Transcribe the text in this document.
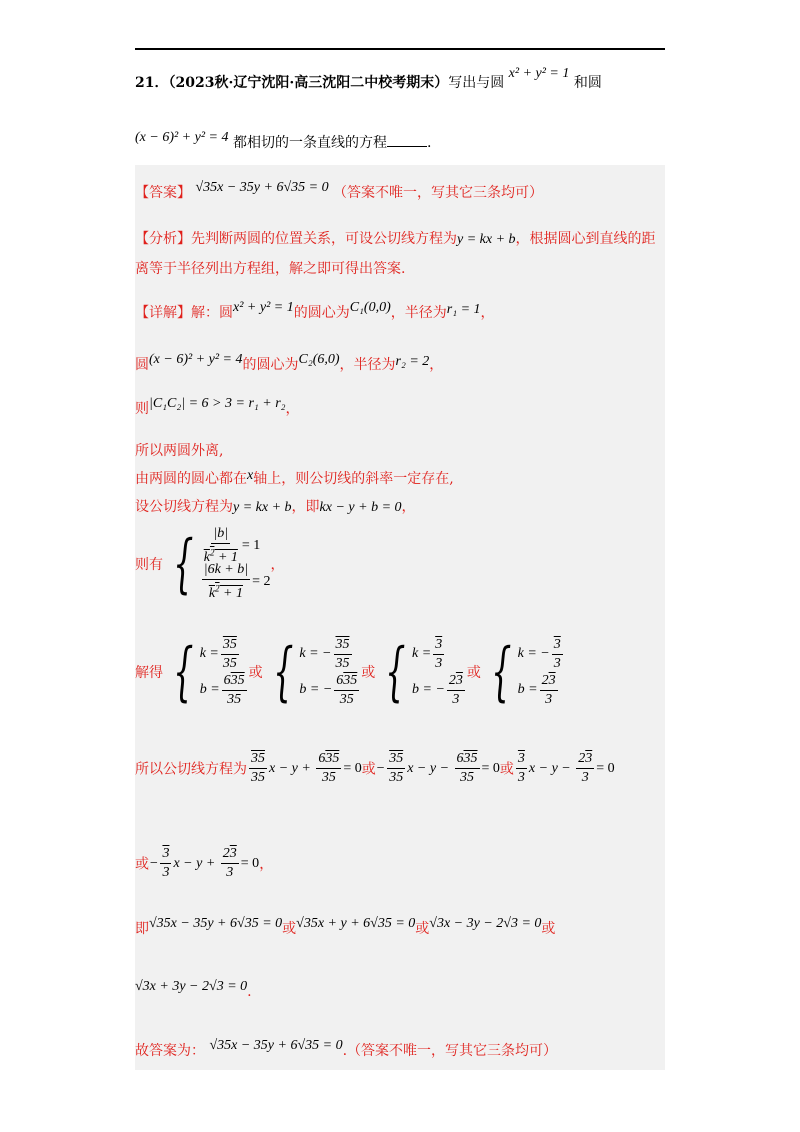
21．（2023秋·辽宁沈阳·高三沈阳二中校考期末）写出与圆 x² + y² = 1 和圆
(x − 6)² + y² = 4 都相切的一条直线的方程	.
【答案】 √35x − 35y + 6√35 = 0 （答案不唯一，写其它三条均可）
【分析】先判断两圆的位置关系，可设公切线方程为y = kx + b，根据圆心到直线的距
离等于半径列出方程组，解之即可得出答案.
【详解】解：圆x² + y² = 1的圆心为C₁(0,0)，半径为r₁ = 1，
圆(x − 6)² + y² = 4的圆心为C₂(6,0)，半径为r₂ = 2，
则|C₁C₂| = 6 > 3 = r₁ + r₂，
所以两圆外离,
由两圆的圆心都在x轴上，则公切线的斜率一定存在,
设公切线方程为y = kx + b，即kx − y + b = 0，
则有 { $\frac{|b|}{k^2 + 1} = 1$
$\frac{|6k + b|}{k^2 + 1} = 2$
，
解得 { $k = \frac{35}{35}$
$b = \frac{635}{35}$ 或 { k = − $\frac{35}{35}$
b = − $\frac{635}{35}$ 或 { $k = \frac{3}{3}$
b = − $\frac{23}{3}$ 或 { k = − $\frac{3}{3}$
$b = \frac{23}{3}$
所以公切线方程为 $\frac{35}{35}$ $x - y + \frac{635}{35} = 0$或− $\frac{35}{35}$ $x - y - \frac{635}{35} = 0$或 $\frac{3}{3}$ $x - y - \frac{23}{3} = 0$
或− $\frac{3}{3}$ $x - y + \frac{23}{3} = 0$，
即√35x − 35y + 6√35 = 0或√35x + y + 6√35 = 0或√3x − 3y − 2√3 = 0或
√3x + 3y − 2√3 = 0.
故答案为： √35x − 35y + 6√35 = 0.（答案不唯一，写其它三条均可）
